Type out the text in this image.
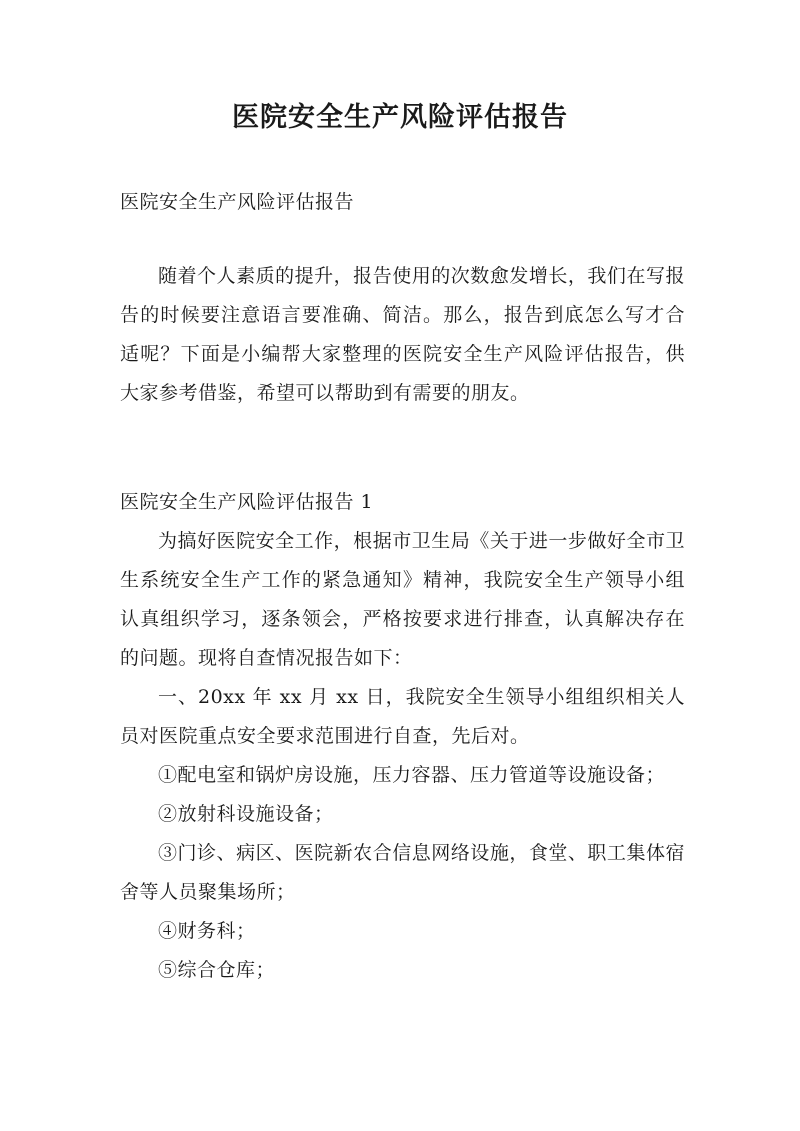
医院安全生产风险评估报告
医院安全生产风险评估报告
随着个人素质的提升，报告使用的次数愈发增长，我们在写报告的时候要注意语言要准确、简洁。那么，报告到底怎么写才合适呢？下面是小编帮大家整理的医院安全生产风险评估报告，供大家参考借鉴，希望可以帮助到有需要的朋友。
医院安全生产风险评估报告 1

为搞好医院安全工作，根据市卫生局《关于进一步做好全市卫生系统安全生产工作的紧急通知》精神，我院安全生产领导小组认真组织学习，逐条领会，严格按要求进行排查，认真解决存在的问题。现将自查情况报告如下：

一、20xx 年 xx 月 xx 日，我院安全生领导小组组织相关人员对医院重点安全要求范围进行自查，先后对。

①配电室和锅炉房设施，压力容器、压力管道等设施设备；

②放射科设施设备；

③门诊、病区、医院新农合信息网络设施，食堂、职工集体宿舍等人员聚集场所；

④财务科；

⑤综合仓库；
